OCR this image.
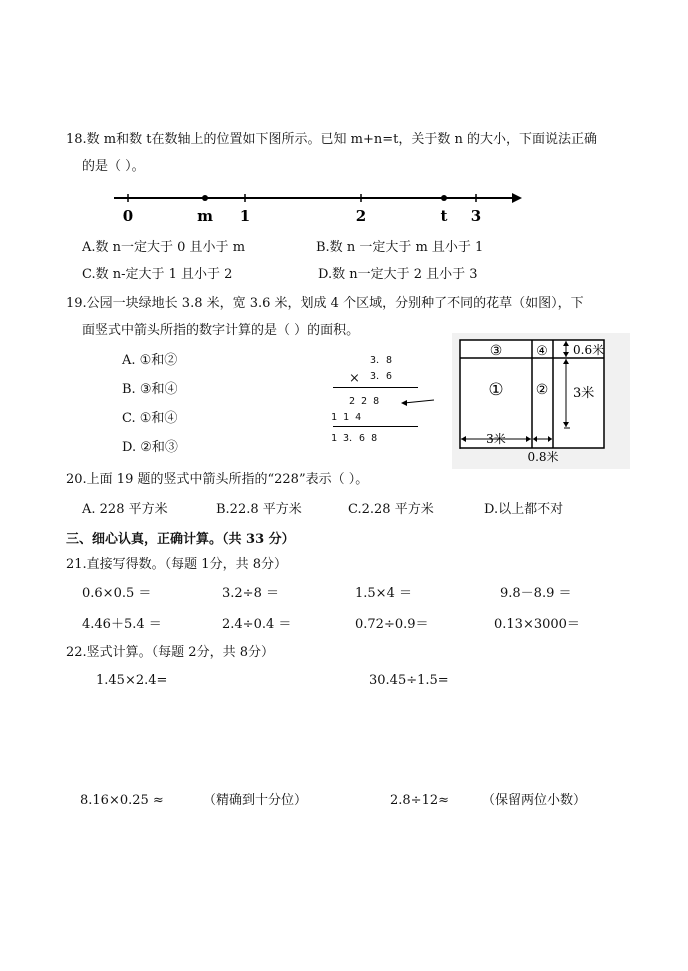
18.数 m和数 t在数轴上的位置如下图所示。已知 m+n=t，关于数 n 的大小，下面说法正确
的是（ ）。
0	m 1	2	t 3
A.数 n一定大于 0 且小于 m	B.数 n 一定大于 m 且小于 1
C.数 n-定大于 1 且小于 2	D.数 n一定大于 2 且小于 3
19.公园一块绿地长 3.8 米，宽 3.6 米，划成 4 个区域，分别种了不同的花草（如图），下
面竖式中箭头所指的数字计算的是（ ）的面积。
A. ①和②
B. ③和④
C. ①和④
D. ②和③
3．8
× 3．6
2 2 8
1 1 4
1 3．6 8
③	④
① ②
0.6米
3米
3米
0.8米
20.上面 19 题的竖式中箭头所指的“228”表示（ ）。
A. 228 平方米	B.22.8 平方米	C.2.28 平方米	D.以上都不对
三、细心认真，正确计算。（共 33 分）
21.直接写得数。（每题 1分，共 8分）
0.6×0.5 ＝	3.2÷8 ＝	1.5×4 ＝	9.8－8.9 ＝
4.46＋5.4 ＝	2.4÷0.4 ＝	0.72÷0.9＝	0.13×3000＝
22.竖式计算。（每题 2分，共 8分）
1.45×2.4=	30.45÷1.5=
8.16×0.25 ≈	（精确到十分位）	2.8÷12≈	（保留两位小数）
